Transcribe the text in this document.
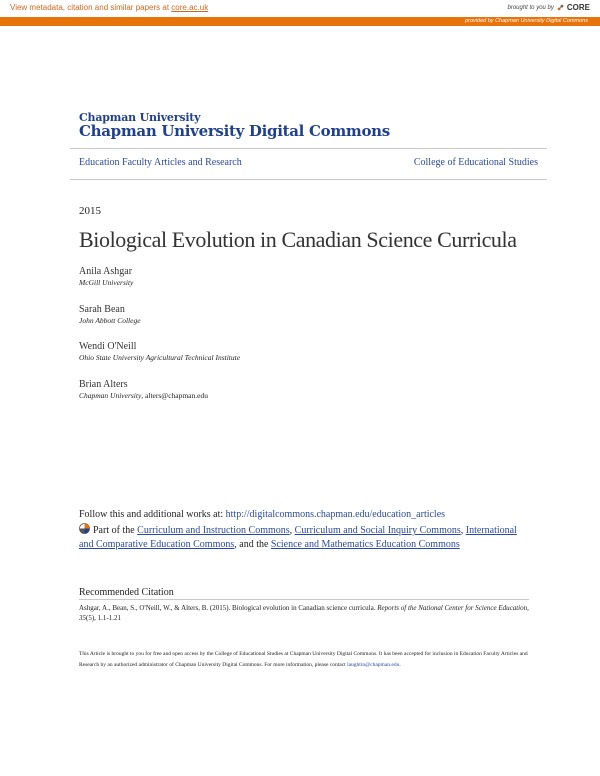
View metadata, citation and similar papers at core.ac.uk	brought to you by CORE
provided by Chapman University Digital Commons
Chapman University
Chapman University Digital Commons
Education Faculty Articles and Research	College of Educational Studies
2015
Biological Evolution in Canadian Science Curricula
Anila Ashgar
McGill University
Sarah Bean
John Abbott College
Wendi O'Neill
Ohio State University Agricultural Technical Institute
Brian Alters
Chapman University, alters@chapman.edu
Follow this and additional works at: http://digitalcommons.chapman.edu/education_articles
Part of the Curriculum and Instruction Commons, Curriculum and Social Inquiry Commons, International and Comparative Education Commons, and the Science and Mathematics Education Commons
Recommended Citation
Ashgar, A., Bean, S., O'Neill, W., & Alters, B. (2015). Biological evolution in Canadian science curricula. Reports of the National Center for Science Education, 35(5), 1.1-1.21
This Article is brought to you for free and open access by the College of Educational Studies at Chapman University Digital Commons. It has been accepted for inclusion in Education Faculty Articles and Research by an authorized administrator of Chapman University Digital Commons. For more information, please contact laughtin@chapman.edu.
